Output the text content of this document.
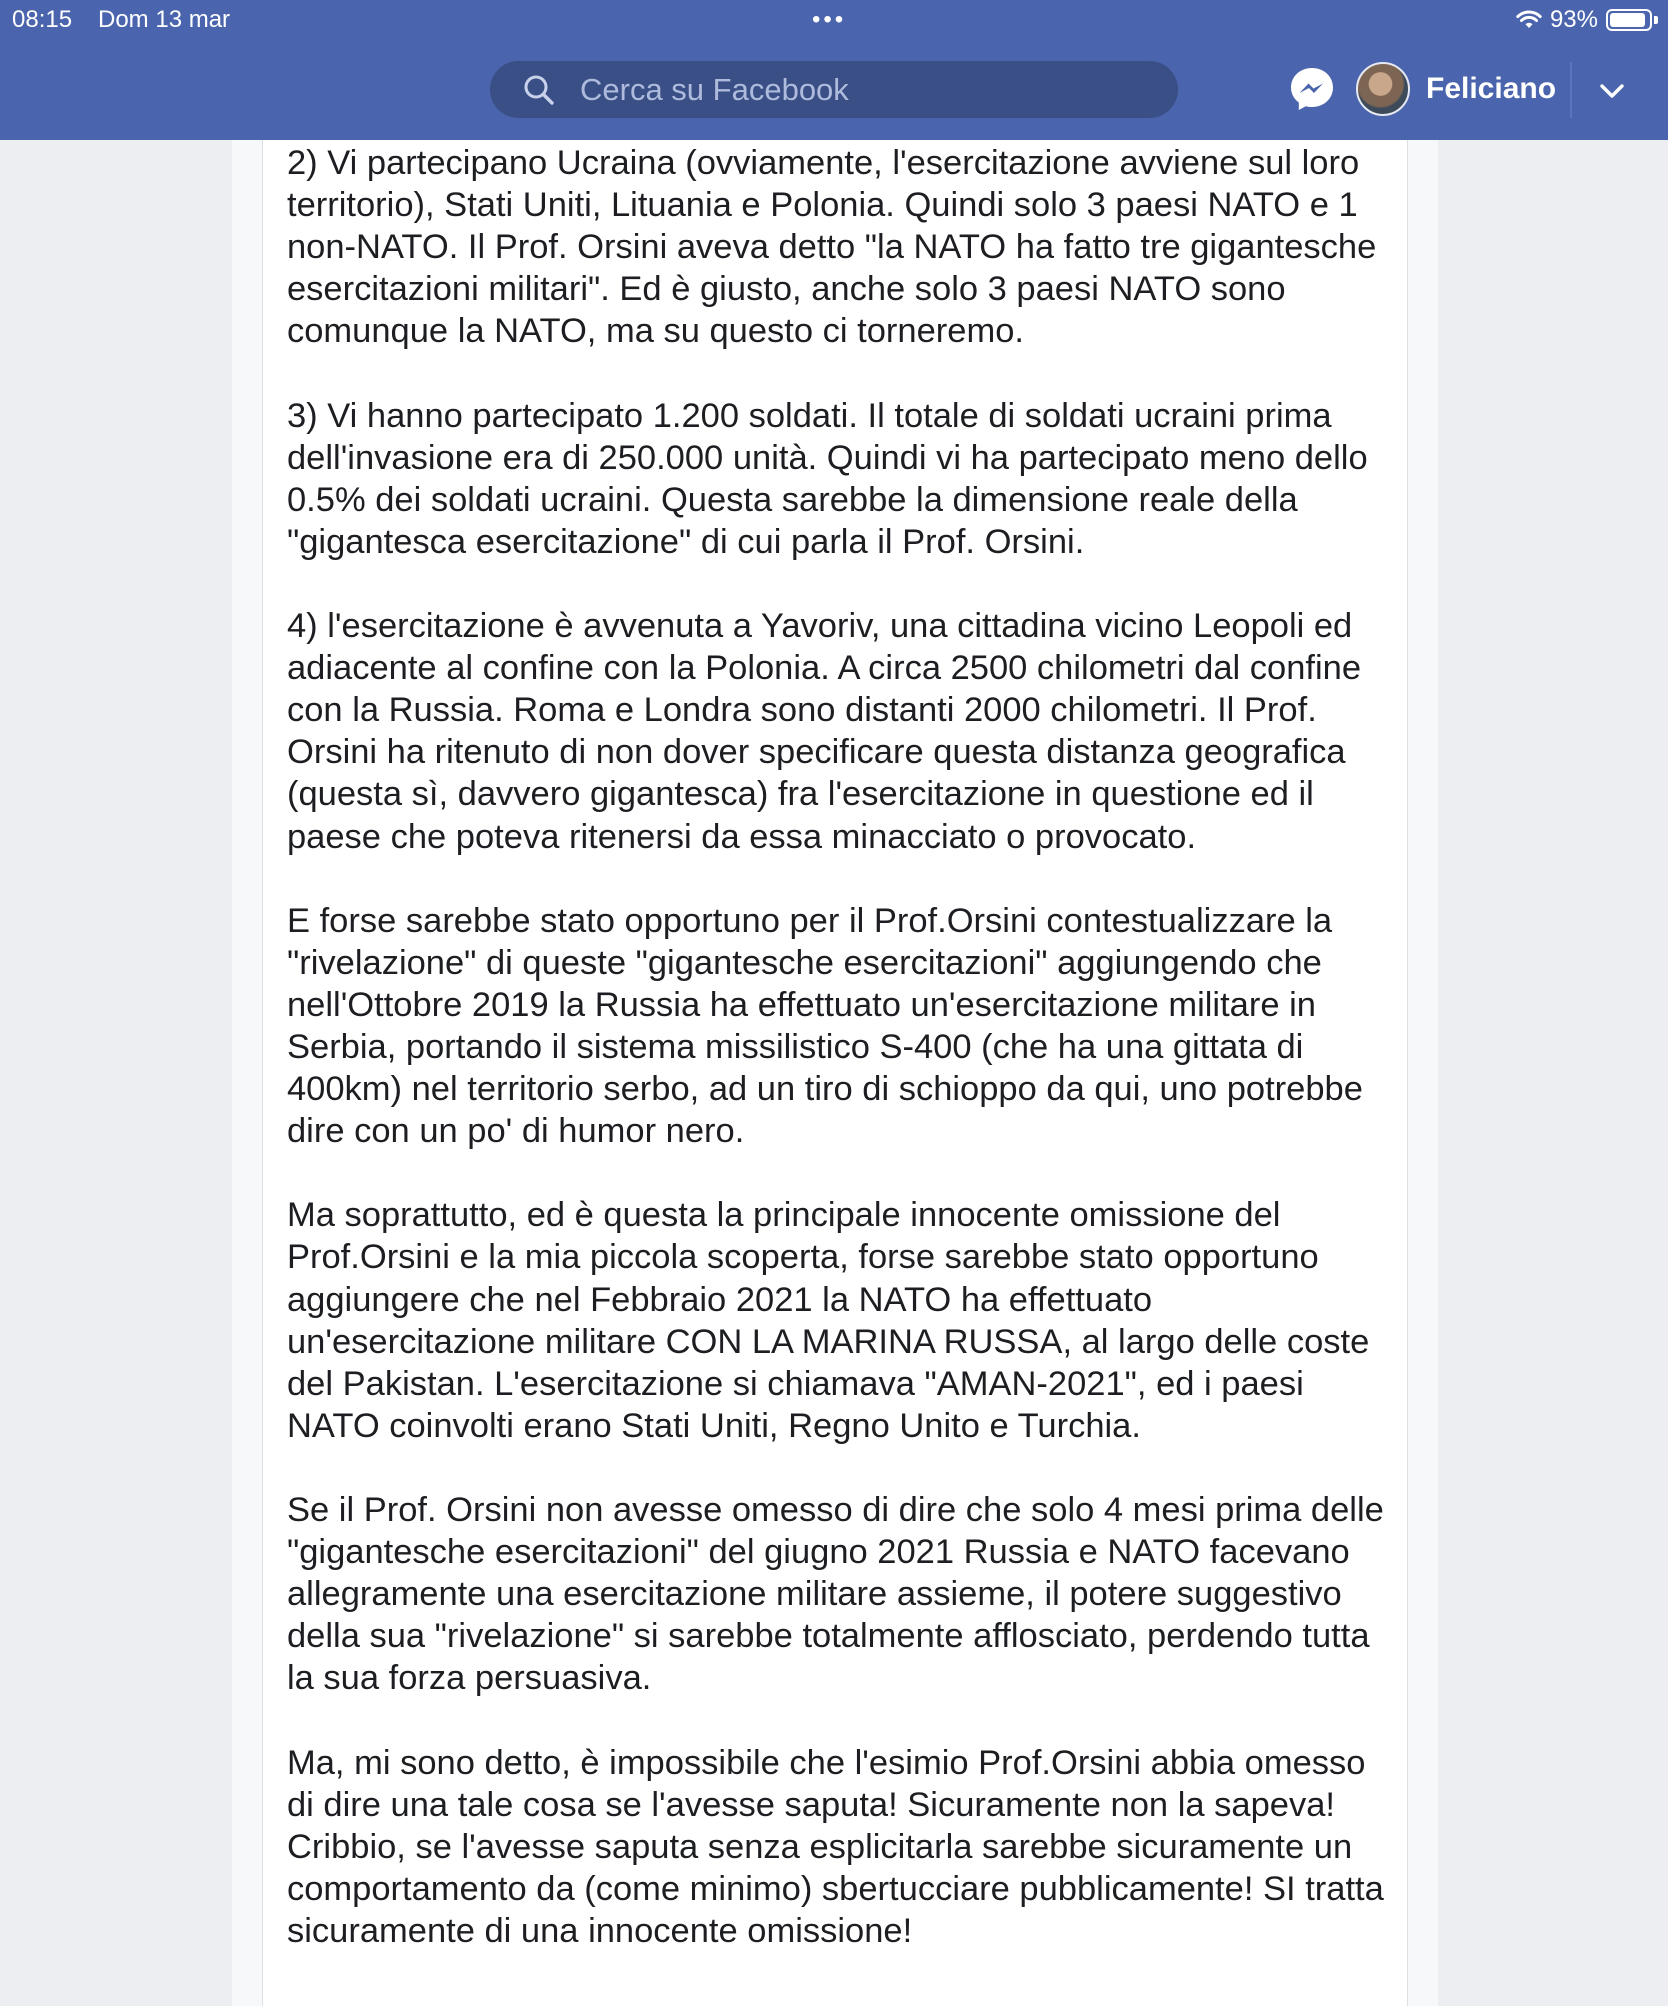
08:15 Dom 13 mar	•••	93%
Cerca su Facebook
Feliciano

2) Vi partecipano Ucraina (ovviamente, l'esercitazione avviene sul loro territorio), Stati Uniti, Lituania e Polonia. Quindi solo 3 paesi NATO e 1 non-NATO. Il Prof. Orsini aveva detto "la NATO ha fatto tre gigantesche esercitazioni militari". Ed è giusto, anche solo 3 paesi NATO sono comunque la NATO, ma su questo ci torneremo.

3) Vi hanno partecipato 1.200 soldati. Il totale di soldati ucraini prima dell'invasione era di 250.000 unità. Quindi vi ha partecipato meno dello 0.5% dei soldati ucraini. Questa sarebbe la dimensione reale della "gigantesca esercitazione" di cui parla il Prof. Orsini.

4) l'esercitazione è avvenuta a Yavoriv, una cittadina vicino Leopoli ed adiacente al confine con la Polonia. A circa 2500 chilometri dal confine con la Russia. Roma e Londra sono distanti 2000 chilometri. Il Prof. Orsini ha ritenuto di non dover specificare questa distanza geografica (questa sì, davvero gigantesca) fra l'esercitazione in questione ed il paese che poteva ritenersi da essa minacciato o provocato.

E forse sarebbe stato opportuno per il Prof.Orsini contestualizzare la "rivelazione" di queste "gigantesche esercitazioni" aggiungendo che nell'Ottobre 2019 la Russia ha effettuato un'esercitazione militare in Serbia, portando il sistema missilistico S-400 (che ha una gittata di 400km) nel territorio serbo, ad un tiro di schioppo da qui, uno potrebbe dire con un po' di humor nero.

Ma soprattutto, ed è questa la principale innocente omissione del Prof.Orsini e la mia piccola scoperta, forse sarebbe stato opportuno aggiungere che nel Febbraio 2021 la NATO ha effettuato un'esercitazione militare CON LA MARINA RUSSA, al largo delle coste del Pakistan. L'esercitazione si chiamava "AMAN-2021", ed i paesi NATO coinvolti erano Stati Uniti, Regno Unito e Turchia.

Se il Prof. Orsini non avesse omesso di dire che solo 4 mesi prima delle "gigantesche esercitazioni" del giugno 2021 Russia e NATO facevano allegramente una esercitazione militare assieme, il potere suggestivo della sua "rivelazione" si sarebbe totalmente afflosciato, perdendo tutta la sua forza persuasiva.

Ma, mi sono detto, è impossibile che l'esimio Prof.Orsini abbia omesso di dire una tale cosa se l'avesse saputa! Sicuramente non la sapeva! Cribbio, se l'avesse saputa senza esplicitarla sarebbe sicuramente un comportamento da (come minimo) sbertucciare pubblicamente! SI tratta sicuramente di una innocente omissione!
